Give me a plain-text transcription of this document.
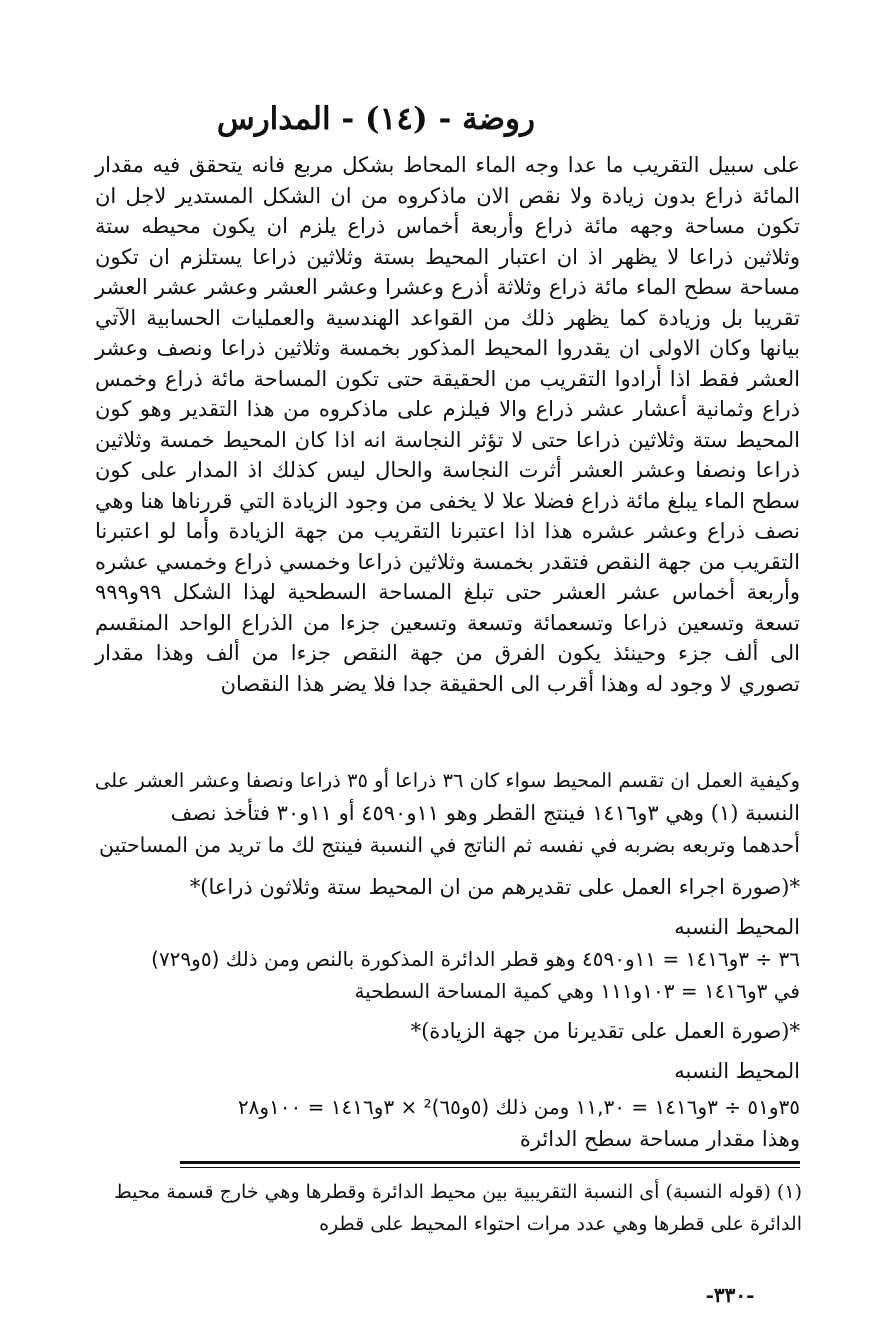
روضة - (١٤) - المدارس

على سبيل التقريب ما عدا وجه الماء المحاط بشكل مربع فانه يتحقق فيه مقدار المائة ذراع بدون زيادة ولا نقص الان ماذكروه من ان الشكل المستدير لاجل ان تكون مساحة وجهه مائة ذراع وأربعة أخماس ذراع يلزم ان يكون محيطه ستة وثلاثين ذراعا لا يظهر اذ ان اعتبار المحيط بستة وثلاثين ذراعا يستلزم ان تكون مساحة سطح الماء مائة ذراع وثلاثة أذرع وعشرا وعشر العشر وعشر عشر العشر تقريبا بل وزيادة كما يظهر ذلك من القواعد الهندسية والعمليات الحسابية الآتي بيانها وكان الاولى ان يقدروا المحيط المذكور بخمسة وثلاثين ذراعا ونصف وعشر العشر فقط اذا أرادوا التقريب من الحقيقة حتى تكون المساحة مائة ذراع وخمس ذراع وثمانية أعشار عشر ذراع والا فيلزم على ماذكروه من هذا التقدير وهو كون المحيط ستة وثلاثين ذراعا حتى لا تؤثر النجاسة انه اذا كان المحيط خمسة وثلاثين ذراعا ونصفا وعشر العشر أثرت النجاسة والحال ليس كذلك اذ المدار على كون سطح الماء يبلغ مائة ذراع فضلا علا لا يخفى من وجود الزيادة التي قررناها هنا وهي نصف ذراع وعشر عشره هذا اذا اعتبرنا التقريب من جهة الزيادة وأما لو اعتبرنا التقريب من جهة النقص فتقدر بخمسة وثلاثين ذراعا وخمسي ذراع وخمسي عشره وأربعة أخماس عشر العشر حتى تبلغ المساحة السطحية لهذا الشكل ٩٩و٩٩٩ تسعة وتسعين ذراعا وتسعمائة وتسعة وتسعين جزءا من الذراع الواحد المنقسم الى ألف جزء وحينئذ يكون الفرق من جهة النقص جزءا من ألف وهذا مقدار تصوري لا وجود له وهذا أقرب الى الحقيقة جدا فلا يضر هذا النقصان

وكيفية العمل ان تقسم المحيط سواء كان ٣٦ ذراعا أو ٣٥ ذراعا ونصفا وعشر العشر على
النسبة (١) وهي ٣و١٤١٦ فينتج القطر وهو ١١و٤٥٩٠ أو ١١و٣٠ فتأخذ نصف
أحدهما وتربعه بضربه في نفسه ثم الناتج في النسبة فينتج لك ما تريد من المساحتين
*(صورة اجراء العمل على تقديرهم من ان المحيط ستة وثلاثون ذراعا)*
المحيط النسبه
٣٦ ÷ ٣و١٤١٦ = ١١و٤٥٩٠ وهو قطر الدائرة المذكورة بالنص ومن ذلك (٥و٧٢٩)
في ٣و١٤١٦ = ١٠٣و١١١ وهي كمية المساحة السطحية
*(صورة العمل على تقديرنا من جهة الزيادة)*
المحيط النسبه
٣٥و٥١ ÷ ٣و١٤١٦ = ١١,٣٠ ومن ذلك (٥و٦٥)² × ٣و١٤١٦ = ١٠٠و٢٨
وهذا مقدار مساحة سطح الدائرة

(١) (قوله النسبة) أى النسبة التقريبية بين محيط الدائرة وقطرها وهي خارج قسمة محيط

الدائرة على قطرها وهي عدد مرات احتواء المحيط على قطره

-٣٣٠-
